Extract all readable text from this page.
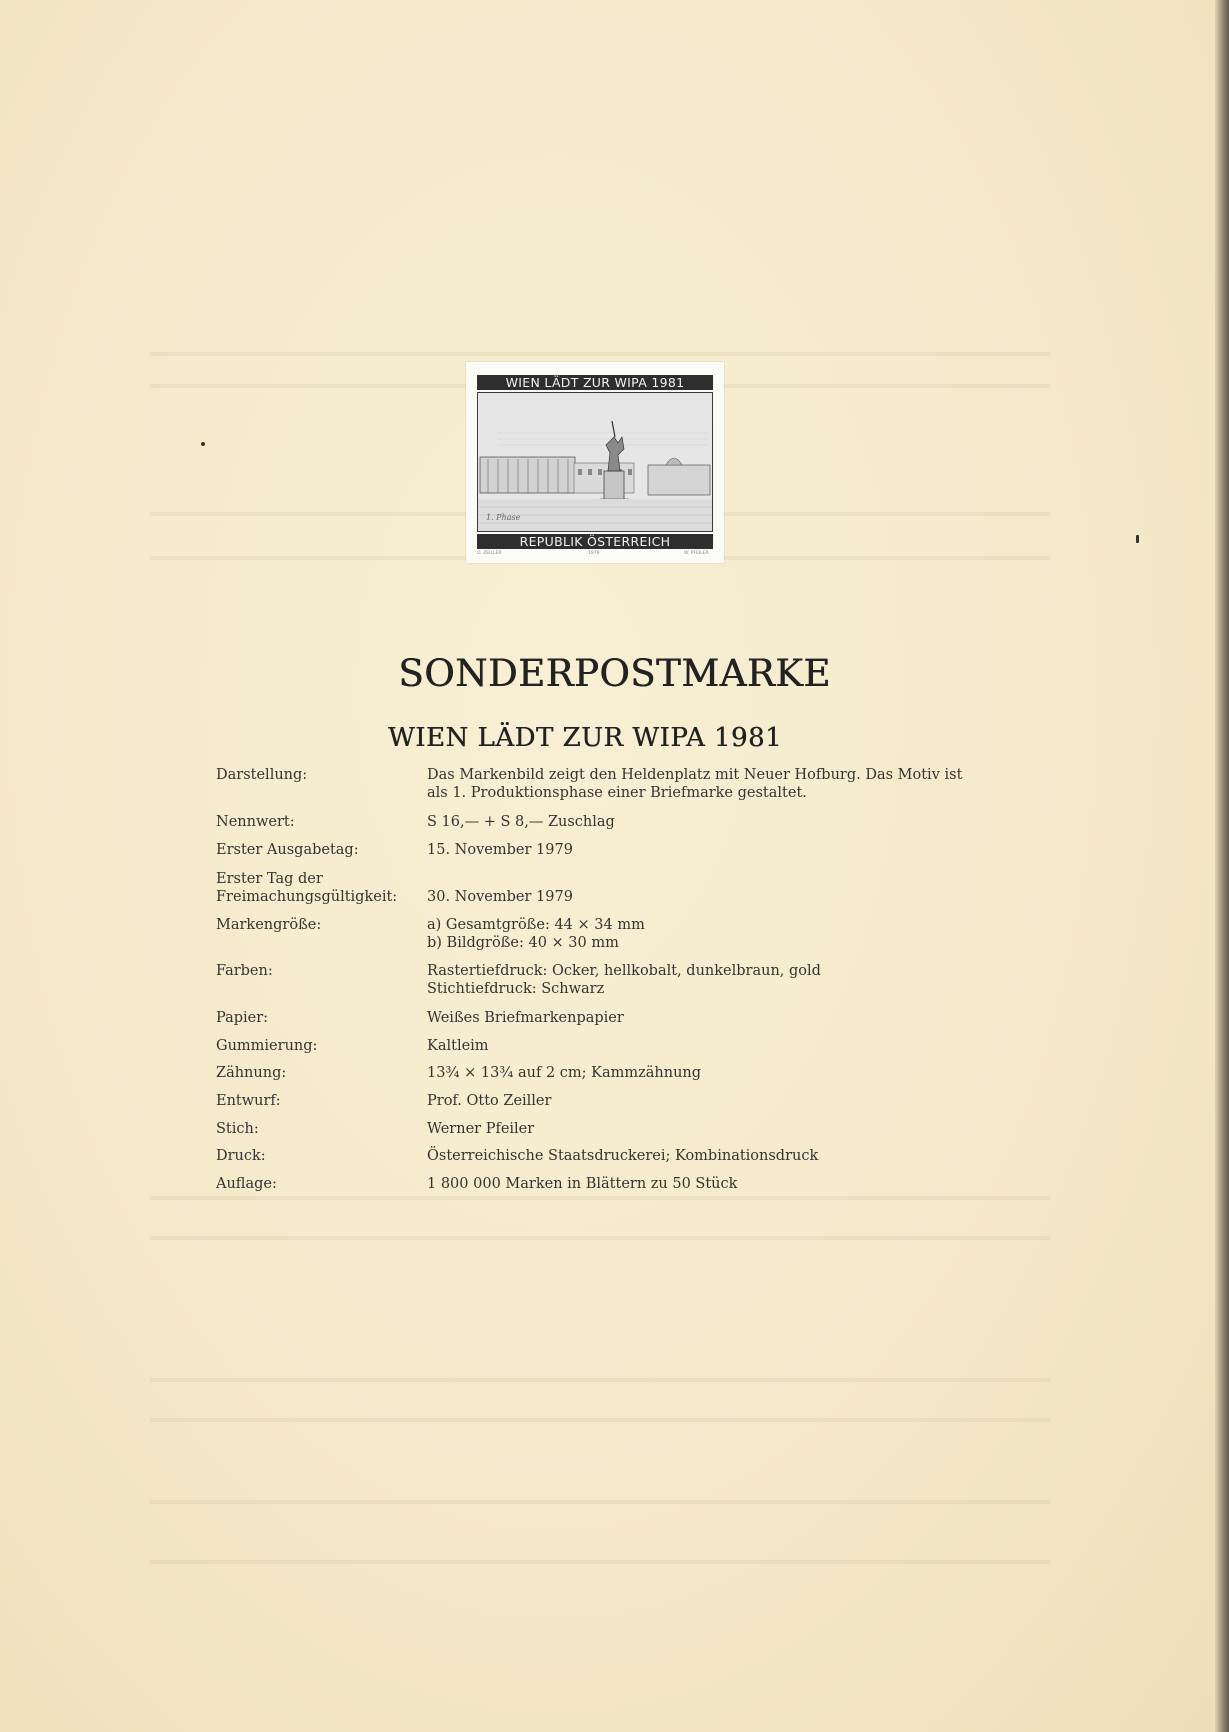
WIEN LÄDT ZUR WIPA 1981
1. Phase
REPUBLIK ÖSTERREICH
O. ZEILLER	1979	W. PFEILER
SONDERPOSTMARKE
WIEN LÄDT ZUR WIPA 1981
Darstellung:	Das Markenbild zeigt den Heldenplatz mit Neuer Hofburg. Das Motiv ist
als 1. Produktionsphase einer Briefmarke gestaltet.
Nennwert:	S 16,— + S 8,— Zuschlag
Erster Ausgabetag:	15. November 1979
Erster Tag der
Freimachungsgültigkeit:	30. November 1979
Markengröße:	a) Gesamtgröße: 44 × 34 mm
b) Bildgröße: 40 × 30 mm
Farben:	Rastertiefdruck: Ocker, hellkobalt, dunkelbraun, gold
Stichtiefdruck: Schwarz
Papier:	Weißes Briefmarkenpapier
Gummierung:	Kaltleim
Zähnung:	13¾ × 13¾ auf 2 cm; Kammzähnung
Entwurf:	Prof. Otto Zeiller
Stich:	Werner Pfeiler
Druck:	Österreichische Staatsdruckerei; Kombinationsdruck
Auflage:	1 800 000 Marken in Blättern zu 50 Stück
